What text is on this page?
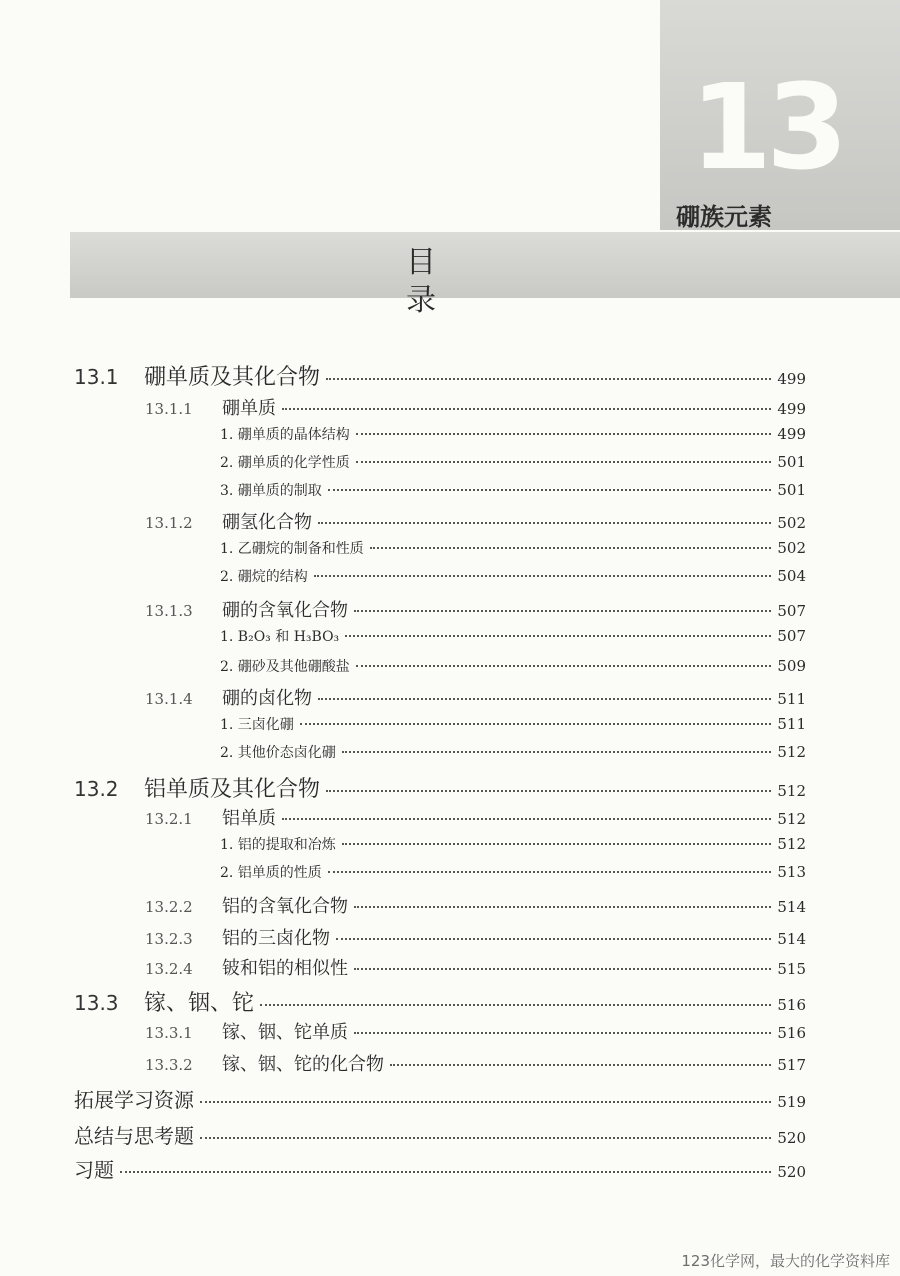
13
硼族元素
目　录
13.1	硼单质及其化合物	499
13.1.1	硼单质	499
1. 硼单质的晶体结构	499
2. 硼单质的化学性质	501
3. 硼单质的制取	501
13.1.2	硼氢化合物	502
1. 乙硼烷的制备和性质	502
2. 硼烷的结构	504
13.1.3	硼的含氧化合物	507
1. B₂O₃ 和 H₃BO₃	507
2. 硼砂及其他硼酸盐	509
13.1.4	硼的卤化物	511
1. 三卤化硼	511
2. 其他价态卤化硼	512
13.2	铝单质及其化合物	512
13.2.1	铝单质	512
1. 铝的提取和冶炼	512
2. 铝单质的性质	513
13.2.2	铝的含氧化合物	514
13.2.3	铝的三卤化物	514
13.2.4	铍和铝的相似性	515
13.3	镓、铟、铊	516
13.3.1	镓、铟、铊单质	516
13.3.2	镓、铟、铊的化合物	517
拓展学习资源	519
总结与思考题	520
习题	520
123化学网，最大的化学资料库
